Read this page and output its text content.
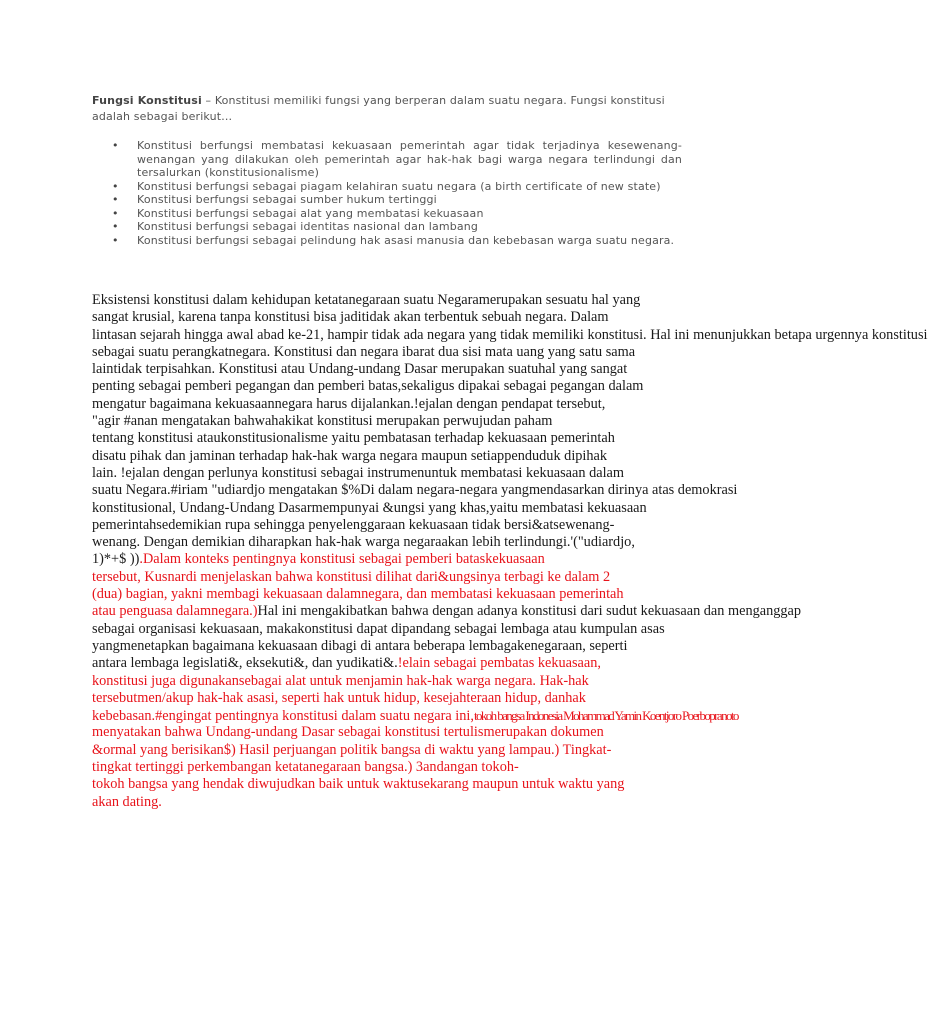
Fungsi Konstitusi – Konstitusi memiliki fungsi yang berperan dalam suatu negara. Fungsi konstitusi
adalah sebagai berikut…
• Konstitusi berfungsi membatasi kekuasaan pemerintah agar tidak terjadinya kesewenang-wenangan yang dilakukan oleh pemerintah agar hak-hak bagi warga negara terlindungi dan tersalurkan (konstitusionalisme)
• Konstitusi berfungsi sebagai piagam kelahiran suatu negara (a birth certificate of new state)
• Konstitusi berfungsi sebagai sumber hukum tertinggi
• Konstitusi berfungsi sebagai alat yang membatasi kekuasaan
• Konstitusi berfungsi sebagai identitas nasional dan lambang
• Konstitusi berfungsi sebagai pelindung hak asasi manusia dan kebebasan warga suatu negara.
Eksistensi konstitusi dalam kehidupan ketatanegaraan suatu Negaramerupakan sesuatu hal yang
sangat krusial, karena tanpa konstitusi bisa jaditidak akan terbentuk sebuah negara. Dalam
lintasan sejarah hingga awal abad ke-21, hampir tidak ada negara yang tidak memiliki konstitusi. Hal ini menunjukkan betapa urgennya konstitusi
sebagai suatu perangkatnegara. Konstitusi dan negara ibarat dua sisi mata uang yang satu sama
laintidak terpisahkan. Konstitusi atau Undang-undang Dasar merupakan suatuhal yang sangat
penting sebagai pemberi pegangan dan pemberi batas,sekaligus dipakai sebagai pegangan dalam
mengatur bagaimana kekuasaannegara harus dijalankan.!ejalan dengan pendapat tersebut,
"agir #anan mengatakan bahwahakikat konstitusi merupakan perwujudan paham
tentang konstitusi ataukonstitusionalisme yaitu pembatasan terhadap kekuasaan pemerintah
disatu pihak dan jaminan terhadap hak-hak warga negara maupun setiappenduduk dipihak
lain. !ejalan dengan perlunya konstitusi sebagai instrumenuntuk membatasi kekuasaan dalam
suatu Negara.#iriam "udiardjo mengatakan $%Di dalam negara-negara yangmendasarkan dirinya atas demokrasi
konstitusional, Undang-Undang Dasarmempunyai &ungsi yang khas,yaitu membatasi kekuasaan
pemerintahsedemikian rupa sehingga penyelenggaraan kekuasaan tidak bersi&atsewenang-
wenang. Dengan demikian diharapkan hak-hak warga negaraakan lebih terlindungi.'("udiardjo,
1)*+$ )).Dalam konteks pentingnya konstitusi sebagai pemberi bataskekuasaan
tersebut, Kusnardi menjelaskan bahwa konstitusi dilihat dari&ungsinya terbagi ke dalam 2
(dua) bagian, yakni membagi kekuasaan dalamnegara, dan membatasi kekuasaan pemerintah
atau penguasa dalamnegara.)Hal ini mengakibatkan bahwa dengan adanya konstitusi dari sudut kekuasaan dan menganggap
sebagai organisasi kekuasaan, makakonstitusi dapat dipandang sebagai lembaga atau kumpulan asas
yangmenetapkan bagaimana kekuasaan dibagi di antara beberapa lembagakenegaraan, seperti
antara lembaga legislati&, eksekuti&, dan yudikati&.!elain sebagai pembatas kekuasaan,
konstitusi juga digunakansebagai alat untuk menjamin hak-hak warga negara. Hak-hak
tersebutmen/akup hak-hak asasi, seperti hak untuk hidup, kesejahteraan hidup, danhak
kebebasan.#engingat pentingnya konstitusi dalam suatu negara ini,tokoh bangsa Indonesia Mohammad Yamin Koentjoro Poerbopranoto
menyatakan bahwa Undang-undang Dasar sebagai konstitusi tertulismerupakan dokumen
&ormal yang berisikan$) Hasil perjuangan politik bangsa di waktu yang lampau.) Tingkat-
tingkat tertinggi perkembangan ketatanegaraan bangsa.) 3andangan tokoh-
tokoh bangsa yang hendak diwujudkan baik untuk waktusekarang maupun untuk waktu yang
akan dating.
